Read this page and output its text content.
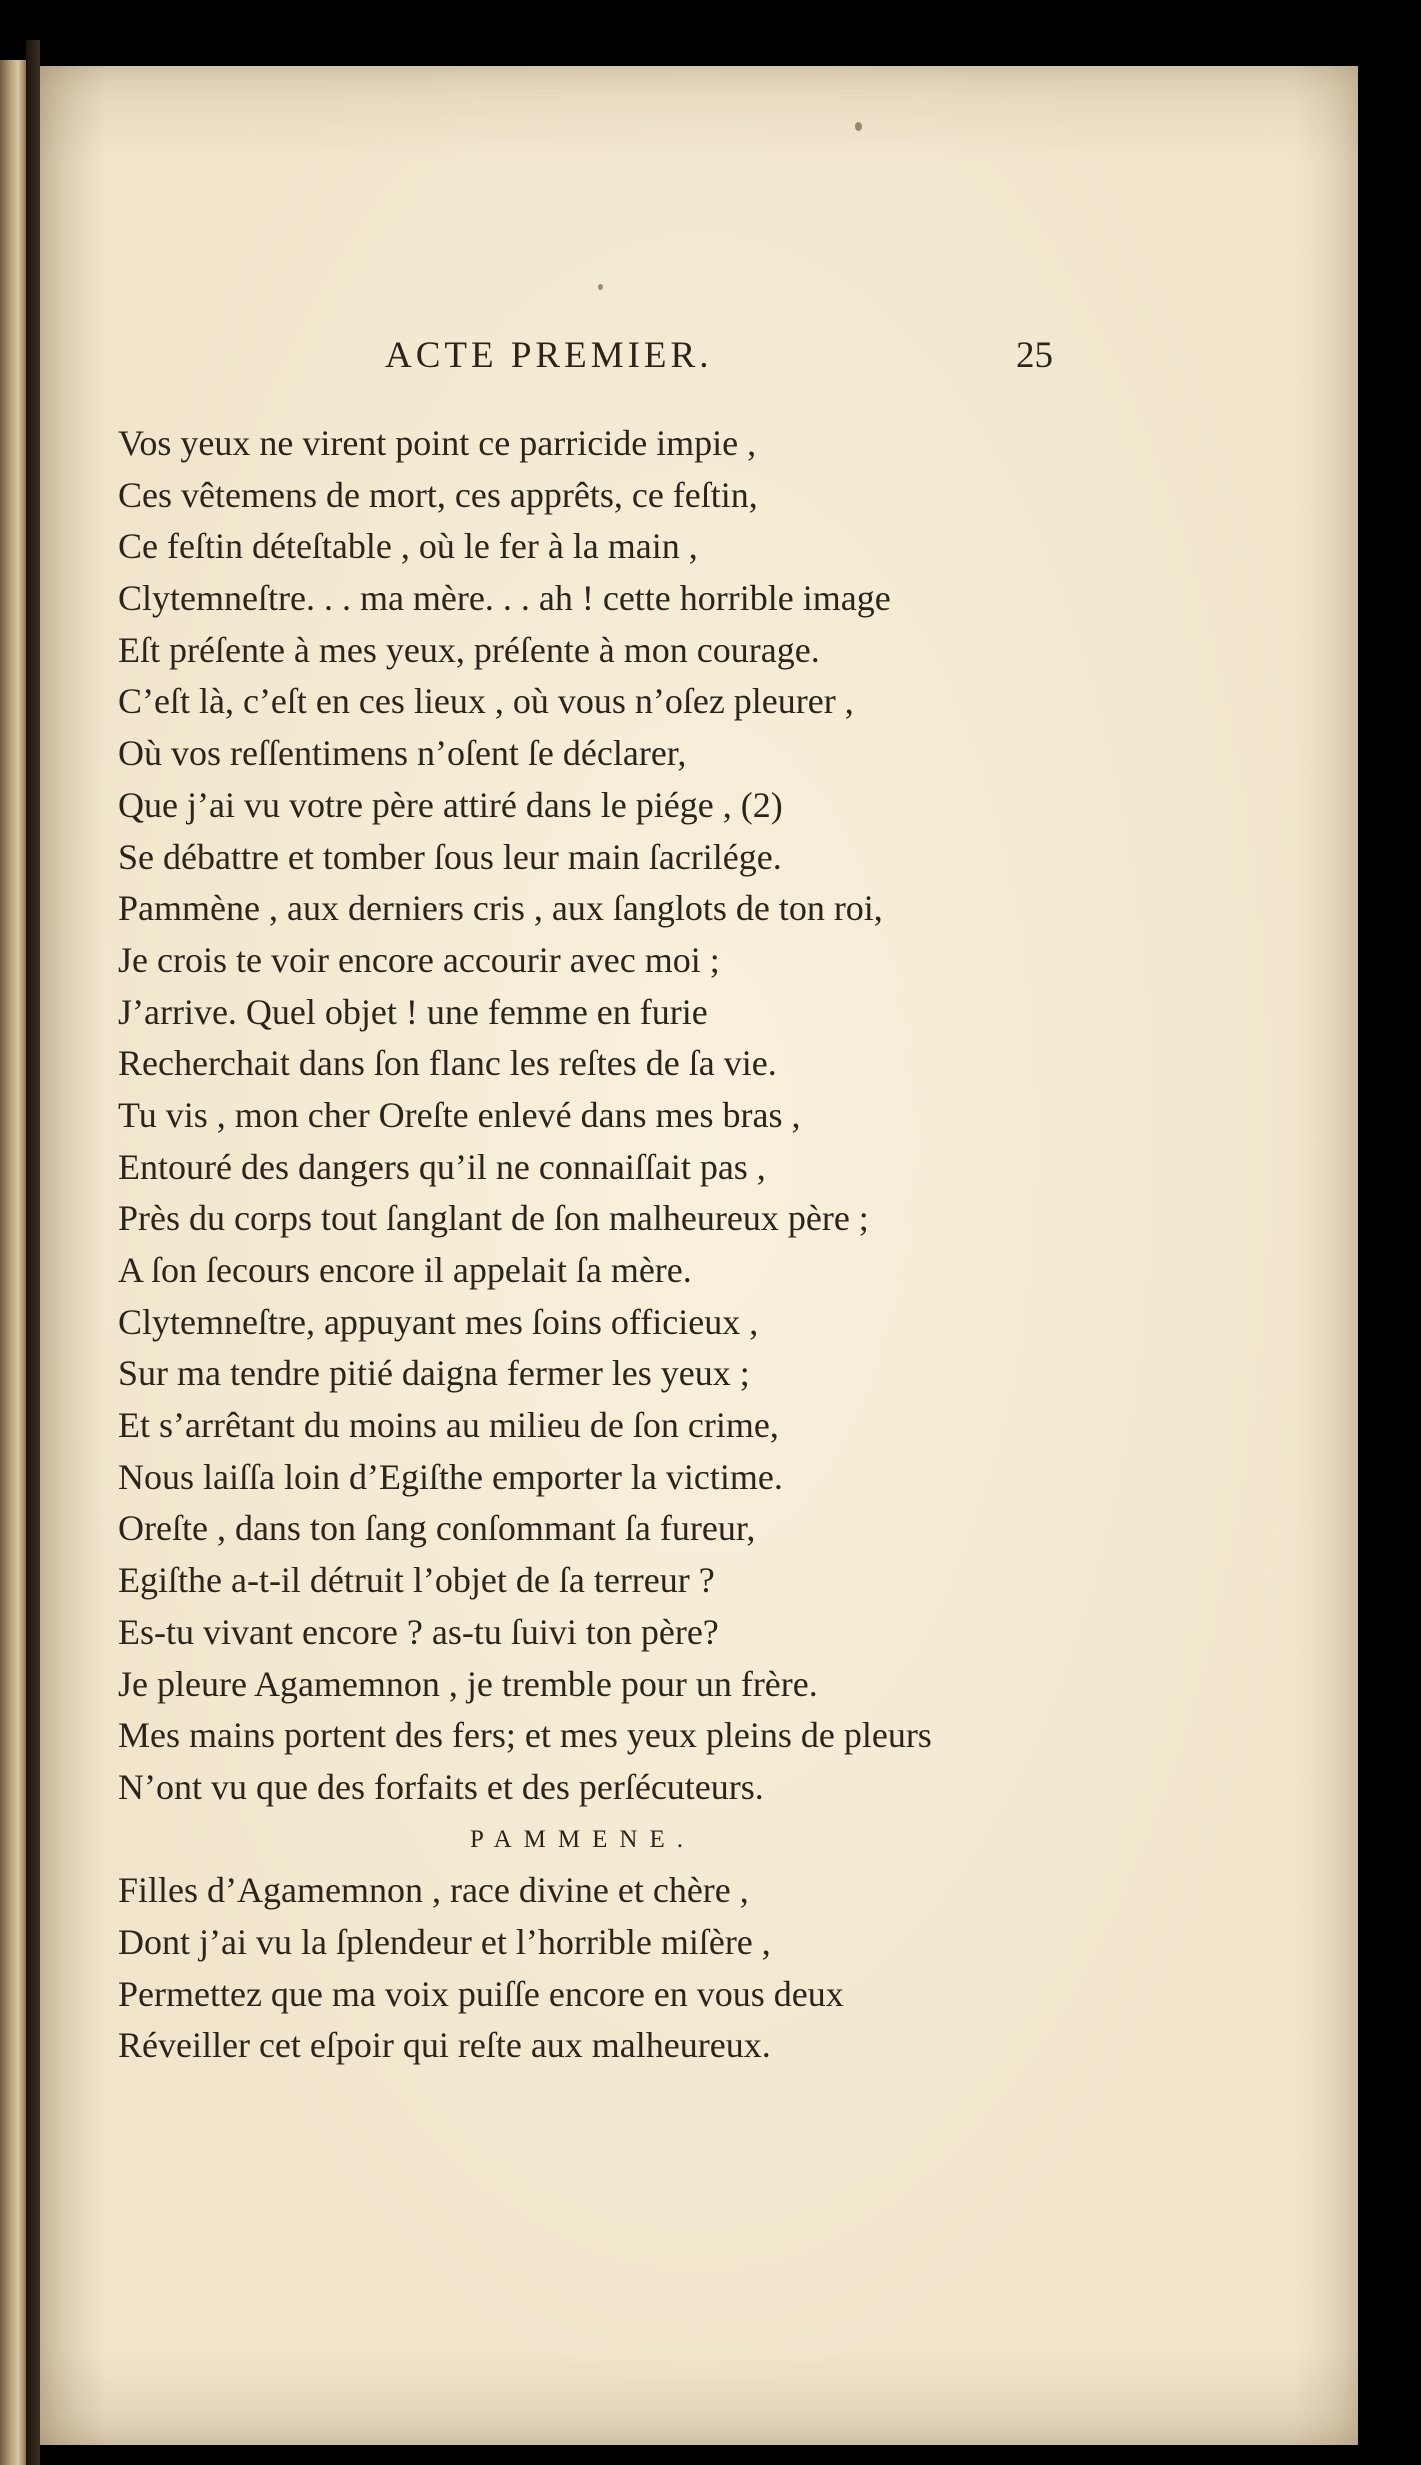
ACTE PREMIER.	25
Vos yeux ne virent point ce parricide impie ,
Ces vêtemens de mort, ces apprêts, ce feſtin,
Ce feſtin déteſtable , où le fer à la main ,
Clytemneſtre. . . ma mère. . . ah ! cette horrible image
Eſt préſente à mes yeux, préſente à mon courage.
C’eſt là, c’eſt en ces lieux , où vous n’oſez pleurer ,
Où vos reſſentimens n’oſent ſe déclarer,
Que j’ai vu votre père attiré dans le piége , (2)
Se débattre et tomber ſous leur main ſacrilége.
Pammène , aux derniers cris , aux ſanglots de ton roi,
Je crois te voir encore accourir avec moi ;
J’arrive. Quel objet ! une femme en furie
Recherchait dans ſon flanc les reſtes de ſa vie.
Tu vis , mon cher Oreſte enlevé dans mes bras ,
Entouré des dangers qu’il ne connaiſſait pas ,
Près du corps tout ſanglant de ſon malheureux père ;
A ſon ſecours encore il appelait ſa mère.
Clytemneſtre, appuyant mes ſoins officieux ,
Sur ma tendre pitié daigna fermer les yeux ;
Et s’arrêtant du moins au milieu de ſon crime,
Nous laiſſa loin d’Egiſthe emporter la victime.
Oreſte , dans ton ſang conſommant ſa fureur,
Egiſthe a-t-il détruit l’objet de ſa terreur ?
Es-tu vivant encore ? as-tu ſuivi ton père?
Je pleure Agamemnon , je tremble pour un frère.
Mes mains portent des fers; et mes yeux pleins de pleurs
N’ont vu que des forfaits et des perſécuteurs.
PAMMENE.
Filles d’Agamemnon , race divine et chère ,
Dont j’ai vu la ſplendeur et l’horrible miſère ,
Permettez que ma voix puiſſe encore en vous deux
Réveiller cet eſpoir qui reſte aux malheureux.
